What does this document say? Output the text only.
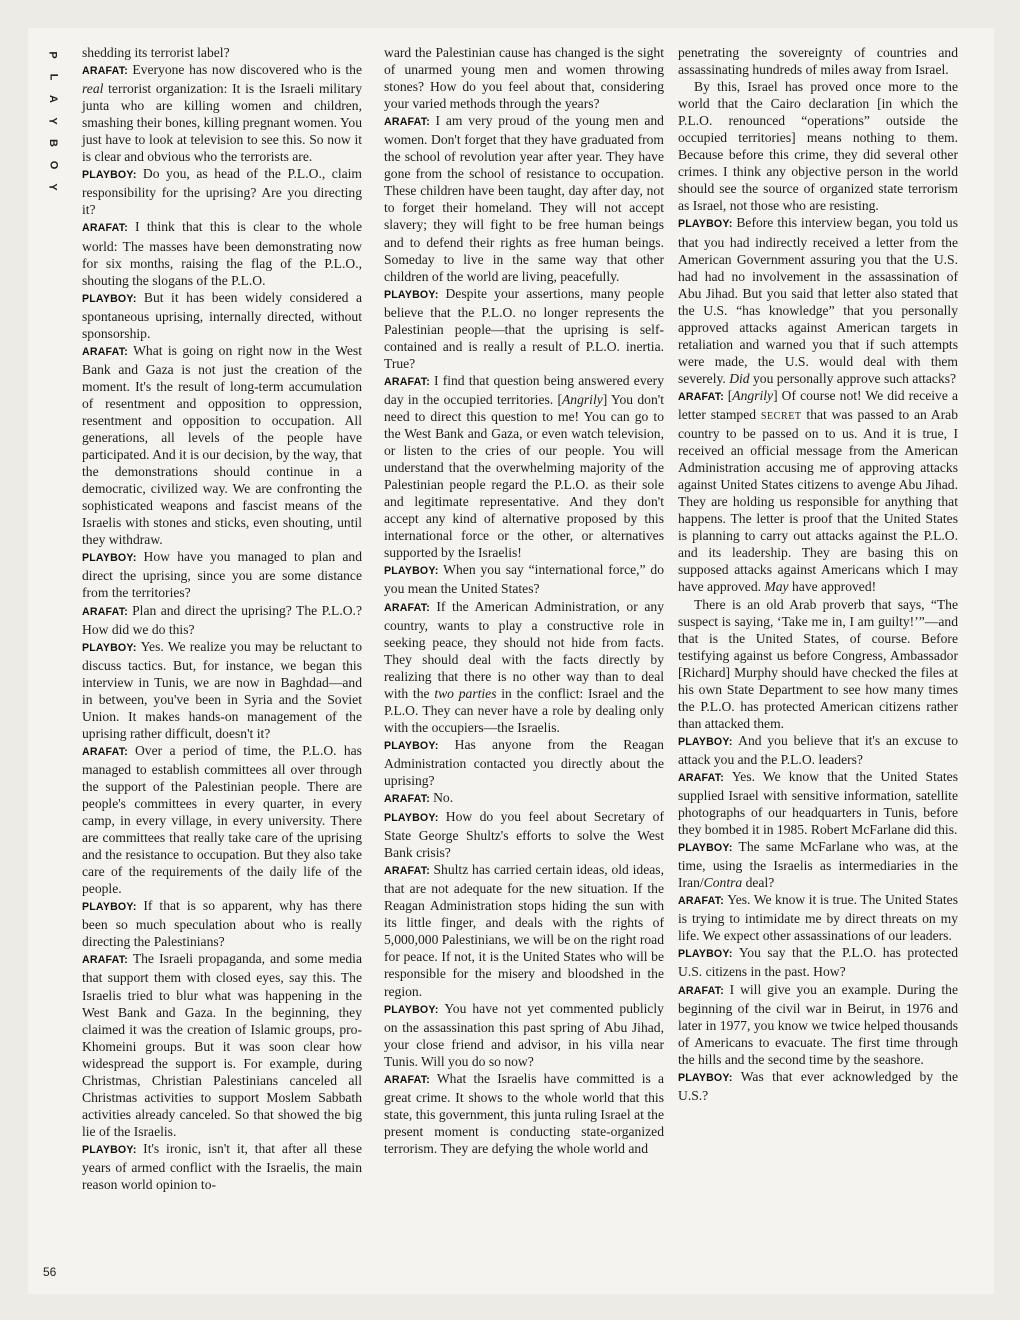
P
L
A
Y
B
O
Y

shedding its terrorist label?

ARAFAT: Everyone has now discovered who is the real terrorist organization: It is the Israeli military junta who are killing women and children, smashing their bones, killing pregnant women. You just have to look at television to see this. So now it is clear and obvious who the terrorists are.

PLAYBOY: Do you, as head of the P.L.O., claim responsibility for the uprising? Are you directing it?

ARAFAT: I think that this is clear to the whole world: The masses have been demonstrating now for six months, raising the flag of the P.L.O., shouting the slogans of the P.L.O.

PLAYBOY: But it has been widely considered a spontaneous uprising, internally directed, without sponsorship.

ARAFAT: What is going on right now in the West Bank and Gaza is not just the creation of the moment. It's the result of long-term accumulation of resentment and opposition to oppression, resentment and opposition to occupation. All generations, all levels of the people have participated. And it is our decision, by the way, that the demonstrations should continue in a democratic, civilized way. We are confronting the sophisticated weapons and fascist means of the Israelis with stones and sticks, even shouting, until they withdraw.

PLAYBOY: How have you managed to plan and direct the uprising, since you are some distance from the territories?

ARAFAT: Plan and direct the uprising? The P.L.O.? How did we do this?

PLAYBOY: Yes. We realize you may be reluctant to discuss tactics. But, for instance, we began this interview in Tunis, we are now in Baghdad—and in between, you've been in Syria and the Soviet Union. It makes hands-on management of the uprising rather difficult, doesn't it?

ARAFAT: Over a period of time, the P.L.O. has managed to establish committees all over through the support of the Palestinian people. There are people's committees in every quarter, in every camp, in every village, in every university. There are committees that really take care of the uprising and the resistance to occupation. But they also take care of the requirements of the daily life of the people.

PLAYBOY: If that is so apparent, why has there been so much speculation about who is really directing the Palestinians?

ARAFAT: The Israeli propaganda, and some media that support them with closed eyes, say this. The Israelis tried to blur what was happening in the West Bank and Gaza. In the beginning, they claimed it was the creation of Islamic groups, pro-Khomeini groups. But it was soon clear how widespread the support is. For example, during Christmas, Christian Palestinians canceled all Christmas activities to support Moslem Sabbath activities already canceled. So that showed the big lie of the Israelis.

PLAYBOY: It's ironic, isn't it, that after all these years of armed conflict with the Israelis, the main reason world opinion to-

ward the Palestinian cause has changed is the sight of unarmed young men and women throwing stones? How do you feel about that, considering your varied methods through the years?

ARAFAT: I am very proud of the young men and women. Don't forget that they have graduated from the school of revolution year after year. They have gone from the school of resistance to occupation. These children have been taught, day after day, not to forget their homeland. They will not accept slavery; they will fight to be free human beings and to defend their rights as free human beings. Someday to live in the same way that other children of the world are living, peacefully.

PLAYBOY: Despite your assertions, many people believe that the P.L.O. no longer represents the Palestinian people—that the uprising is self-contained and is really a result of P.L.O. inertia. True?

ARAFAT: I find that question being answered every day in the occupied territories. [Angrily] You don't need to direct this question to me! You can go to the West Bank and Gaza, or even watch television, or listen to the cries of our people. You will understand that the overwhelming majority of the Palestinian people regard the P.L.O. as their sole and legitimate representative. And they don't accept any kind of alternative proposed by this international force or the other, or alternatives supported by the Israelis!

PLAYBOY: When you say “international force,” do you mean the United States?

ARAFAT: If the American Administration, or any country, wants to play a constructive role in seeking peace, they should not hide from facts. They should deal with the facts directly by realizing that there is no other way than to deal with the two parties in the conflict: Israel and the P.L.O. They can never have a role by dealing only with the occupiers—the Israelis.

PLAYBOY: Has anyone from the Reagan Administration contacted you directly about the uprising?

ARAFAT: No.

PLAYBOY: How do you feel about Secretary of State George Shultz's efforts to solve the West Bank crisis?

ARAFAT: Shultz has carried certain ideas, old ideas, that are not adequate for the new situation. If the Reagan Administration stops hiding the sun with its little finger, and deals with the rights of 5,000,000 Palestinians, we will be on the right road for peace. If not, it is the United States who will be responsible for the misery and bloodshed in the region.

PLAYBOY: You have not yet commented publicly on the assassination this past spring of Abu Jihad, your close friend and advisor, in his villa near Tunis. Will you do so now?

ARAFAT: What the Israelis have committed is a great crime. It shows to the whole world that this state, this government, this junta ruling Israel at the present moment is conducting state-organized terrorism. They are defying the whole world and

penetrating the sovereignty of countries and assassinating hundreds of miles away from Israel.

By this, Israel has proved once more to the world that the Cairo declaration [in which the P.L.O. renounced “operations” outside the occupied territories] means nothing to them. Because before this crime, they did several other crimes. I think any objective person in the world should see the source of organized state terrorism as Israel, not those who are resisting.

PLAYBOY: Before this interview began, you told us that you had indirectly received a letter from the American Government assuring you that the U.S. had had no involvement in the assassination of Abu Jihad. But you said that letter also stated that the U.S. “has knowledge” that you personally approved attacks against American targets in retaliation and warned you that if such attempts were made, the U.S. would deal with them severely. Did you personally approve such attacks?

ARAFAT: [Angrily] Of course not! We did receive a letter stamped SECRET that was passed to an Arab country to be passed on to us. And it is true, I received an official message from the American Administration accusing me of approving attacks against United States citizens to avenge Abu Jihad. They are holding us responsible for anything that happens. The letter is proof that the United States is planning to carry out attacks against the P.L.O. and its leadership. They are basing this on supposed attacks against Americans which I may have approved. May have approved!

There is an old Arab proverb that says, “The suspect is saying, ‘Take me in, I am guilty!’”—and that is the United States, of course. Before testifying against us before Congress, Ambassador [Richard] Murphy should have checked the files at his own State Department to see how many times the P.L.O. has protected American citizens rather than attacked them.

PLAYBOY: And you believe that it's an excuse to attack you and the P.L.O. leaders?

ARAFAT: Yes. We know that the United States supplied Israel with sensitive information, satellite photographs of our headquarters in Tunis, before they bombed it in 1985. Robert McFarlane did this.

PLAYBOY: The same McFarlane who was, at the time, using the Israelis as intermediaries in the Iran/Contra deal?

ARAFAT: Yes. We know it is true. The United States is trying to intimidate me by direct threats on my life. We expect other assassinations of our leaders.

PLAYBOY: You say that the P.L.O. has protected U.S. citizens in the past. How?

ARAFAT: I will give you an example. During the beginning of the civil war in Beirut, in 1976 and later in 1977, you know we twice helped thousands of Americans to evacuate. The first time through the hills and the second time by the seashore.

PLAYBOY: Was that ever acknowledged by the U.S.?

56
